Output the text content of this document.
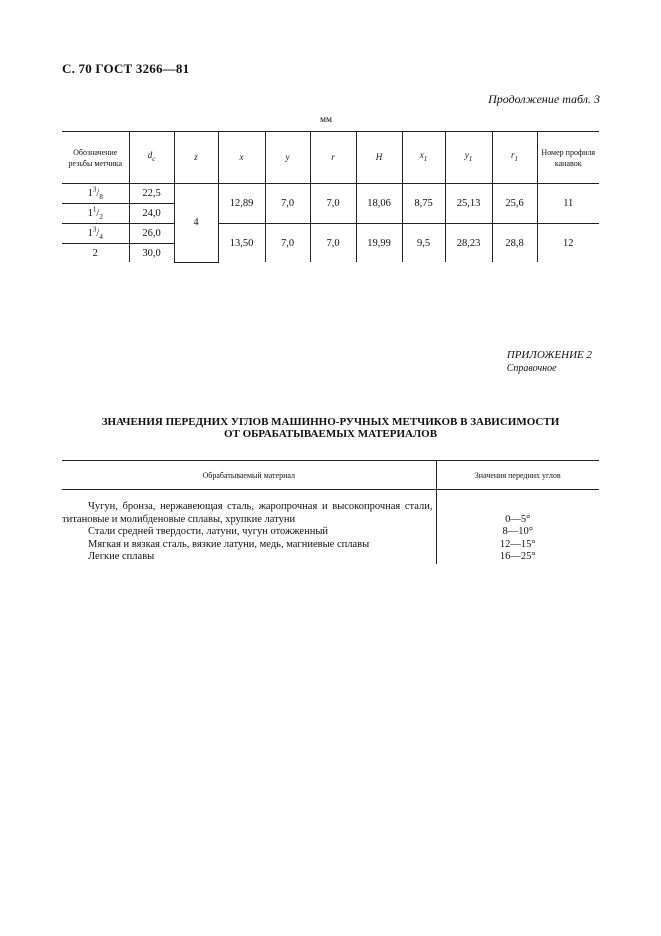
С. 70 ГОСТ 3266—81
Продолжение табл. 3
мм
Обозначение резьбы метчика	$d_c$	z	x	y	r	H	$x_1$	$y_1$	$r_1$	Номер профиля канавок
$1^3/_8$	22,5	4	12,89	7,0	7,0	18,06	8,75	25,13	25,6	11
$1^1/_2$	24,0									
$1^3/_4$	26,0		13,50	7,0	7,0	19,99	9,5	28,23	28,8	12
2	30,0									
ПРИЛОЖЕНИЕ 2
Справочное
ЗНАЧЕНИЯ ПЕРЕДНИХ УГЛОВ МАШИННО-РУЧНЫХ МЕТЧИКОВ В ЗАВИСИМОСТИ
ОТ ОБРАБАТЫВАЕМЫХ МАТЕРИАЛОВ
Обрабатываемый материал	Значения передних углов

Чугун, бронза, нержавеющая сталь, жаропрочная и высокопрочная стали, титановые и молибденовые сплавы, хрупкие латуни	0—5°

Стали средней твердости, латуни, чугун отожженный	8—10°

Мягкая и вязкая сталь, вязкие латуни, медь, магниевые сплавы	12—15°

Легкие сплавы	16—25°
